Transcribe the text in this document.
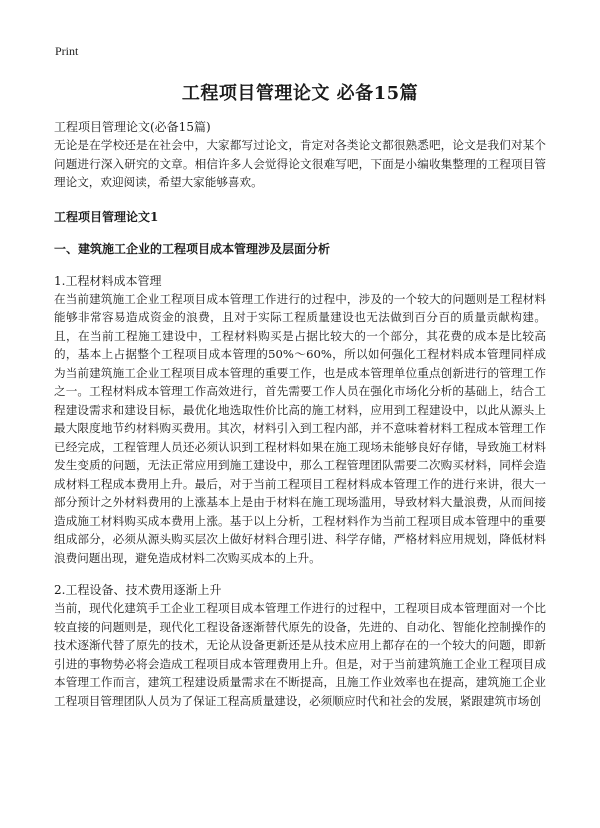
Print
工程项目管理论文 必备15篇
工程项目管理论文(必备15篇)

无论是在学校还是在社会中，大家都写过论文，肯定对各类论文都很熟悉吧，论文是我们对某个问题进行深入研究的文章。相信许多人会觉得论文很难写吧，下面是小编收集整理的工程项目管理论文，欢迎阅读，希望大家能够喜欢。

工程项目管理论文1
一、建筑施工企业的工程项目成本管理涉及层面分析
1.工程材料成本管理

在当前建筑施工企业工程项目成本管理工作进行的过程中，涉及的一个较大的问题则是工程材料能够非常容易造成资金的浪费，且对于实际工程质量建设也无法做到百分百的质量贡献构建。且，在当前工程施工建设中，工程材料购买是占据比较大的一个部分，其花费的成本是比较高的，基本上占据整个工程项目成本管理的50%～60%，所以如何强化工程材料成本管理同样成为当前建筑施工企业工程项目成本管理的重要工作，也是成本管理单位重点创新进行的管理工作之一。工程材料成本管理工作高效进行，首先需要工作人员在强化市场化分析的基础上，结合工程建设需求和建设目标，最优化地选取性价比高的施工材料，应用到工程建设中，以此从源头上最大限度地节约材料购买费用。其次，材料引入到工程内部，并不意味着材料工程成本管理工作已经完成，工程管理人员还必须认识到工程材料如果在施工现场未能够良好存储，导致施工材料发生变质的问题，无法正常应用到施工建设中，那么工程管理团队需要二次购买材料，同样会造成材料工程成本费用上升。最后，对于当前工程项目工程材料成本管理工作的进行来讲，很大一部分预计之外材料费用的上涨基本上是由于材料在施工现场滥用，导致材料大量浪费，从而间接造成施工材料购买成本费用上涨。基于以上分析，工程材料作为当前工程项目成本管理中的重要组成部分，必须从源头购买层次上做好材料合理引进、科学存储，严格材料应用规划，降低材料浪费问题出现，避免造成材料二次购买成本的上升。

2.工程设备、技术费用逐渐上升

当前，现代化建筑手工企业工程项目成本管理工作进行的过程中，工程项目成本管理面对一个比较直接的问题则是，现代化工程设备逐渐替代原先的设备，先进的、自动化、智能化控制操作的技术逐渐代替了原先的技术，无论从设备更新还是从技术应用上都存在的一个较大的问题，即新引进的事物势必将会造成工程项目成本管理费用上升。但是，对于当前建筑施工企业工程项目成本管理工作而言，建筑工程建设质量需求在不断提高，且施工作业效率也在提高，建筑施工企业工程项目管理团队人员为了保证工程高质量建设，必须顺应时代和社会的发展，紧跟建筑市场创
